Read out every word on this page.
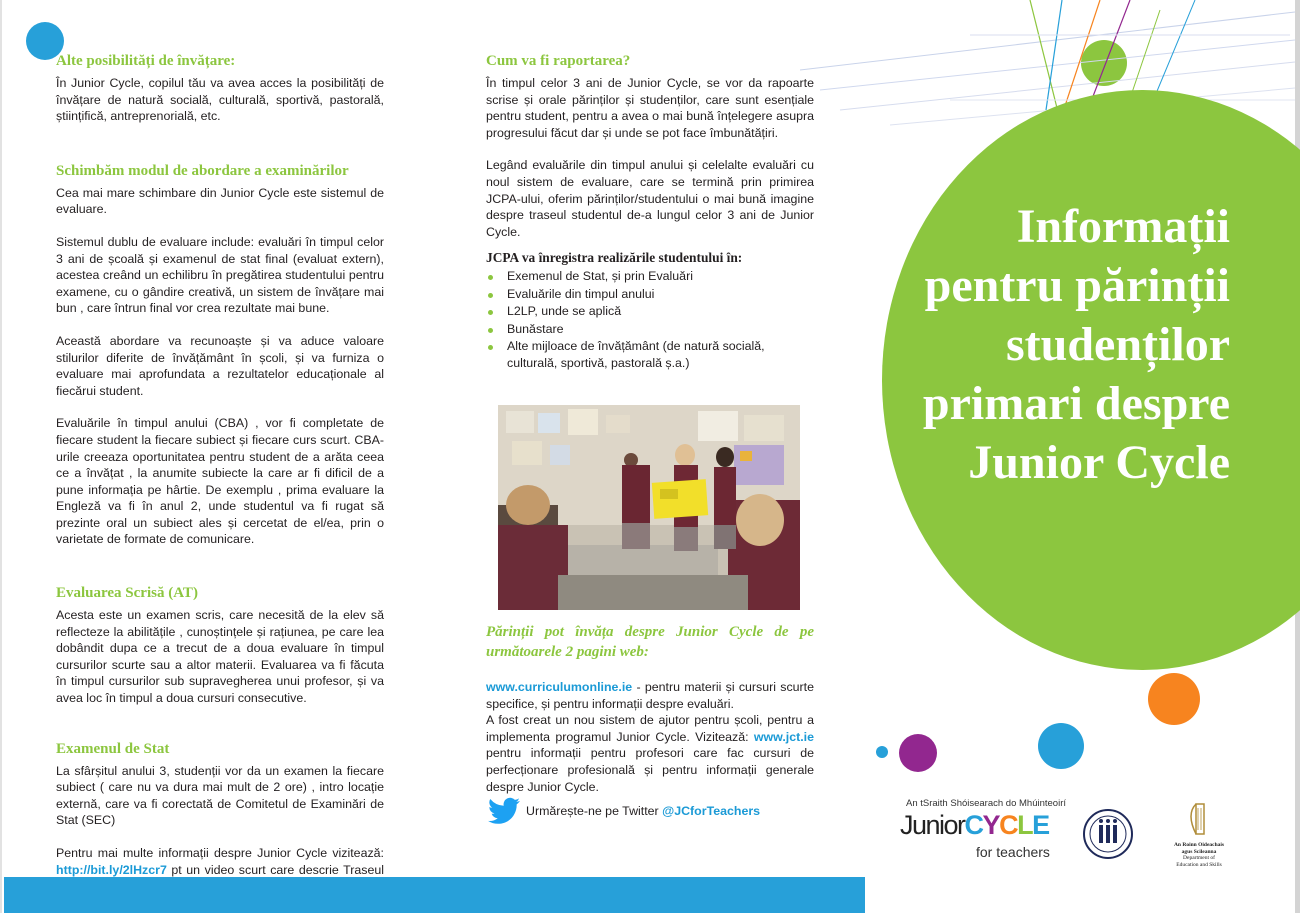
Alte posibilități de învățare:

În Junior Cycle, copilul tău va avea acces la posibilități de învățare de natură socială, culturală, sportivă, pastorală, științifică, antreprenorială, etc.

Schimbăm modul de abordare a examinărilor

Cea mai mare schimbare din Junior Cycle este sistemul de evaluare.

Sistemul dublu de evaluare include: evaluări în timpul celor 3 ani de școală și examenul de stat final (evaluat extern), acestea creând un echilibru în pregătirea studentului pentru examene, cu o gândire creativă, un sistem de învățare mai bun , care întrun final vor crea rezultate mai bune.

Această abordare va recunoaște și va aduce valoare stilurilor diferite de învățământ în școli, și va furniza o evaluare mai aprofundata a rezultatelor educaționale al fiecărui student.

Evaluările în timpul anului (CBA) , vor fi completate de fiecare student la fiecare subiect și fiecare curs scurt. CBA-urile creeaza oportunitatea pentru student de a arăta ceea ce a învățat , la anumite subiecte la care ar fi dificil de a pune informația pe hârtie. De exemplu , prima evaluare la Engleză va fi în anul 2, unde studentul va fi rugat să prezinte oral un subiect ales și cercetat de el/ea, prin o varietate de formate de comunicare.

Evaluarea Scrisă (AT)

Acesta este un examen scris, care necesită de la elev să reflecteze la abilitățile , cunoștințele și rațiunea, pe care lea dobândit dupa ce a trecut de a doua evaluare în timpul cursurilor scurte sau a altor materii. Evaluarea va fi făcuta în timpul cursurilor sub supravegherea unui profesor, și va avea loc în timpul a doua cursuri consecutive.

Examenul de Stat

La sfârșitul anului 3, studenții vor da un examen la fiecare subiect ( care nu va dura mai mult de 2 ore) , intro locație externă, care va fi corectată de Comitetul de Examinări de Stat (SEC)

Pentru mai multe informații despre Junior Cycle vizitează: http://bit.ly/2lHzcr7 pt un video scurt care descrie Traseul

Cum va fi raportarea?

În timpul celor 3 ani de Junior Cycle, se vor da rapoarte scrise și orale părinților și studenților, care sunt esențiale pentru student, pentru a avea o mai bună înțelegere asupra progresului făcut dar și unde se pot face îmbunătățiri.

Legând evaluările din timpul anului și celelalte evaluări cu noul sistem de evaluare, care se termină prin primirea JCPA-ului, oferim părinților/studentului o mai bună imagine despre traseul studentul de-a lungul celor 3 ani de Junior Cycle.

JCPA va înregistra realizările studentului în:
Exemenul de Stat, și prin Evaluări
Evaluările din timpul anului
L2LP, unde se aplică
Bunăstare
Alte mijloace de învățământ (de natură socială, culturală, sportivă, pastorală ș.a.)

Părinții pot învăța despre Junior Cycle de pe următoarele 2 pagini web:

www.curriculumonline.ie - pentru materii și cursuri scurte specifice, și pentru informații despre evaluări.

A fost creat un nou sistem de ajutor pentru școli, pentru a implementa programul Junior Cycle. Vizitează: www.jct.ie pentru informații pentru profesori care fac cursuri de perfecționare profesională și pentru informații generale despre Junior Cycle.

Urmărește-ne pe Twitter @JCforTeachers
Informații
pentru părinții
studenților
primari despre
Junior Cycle
An tSraith Shóisearach do Mhúinteoirí
JuniorCYCLE
for teachers	An Roinn Oideachais
agus Scileanna
Department of
Education and Skills
